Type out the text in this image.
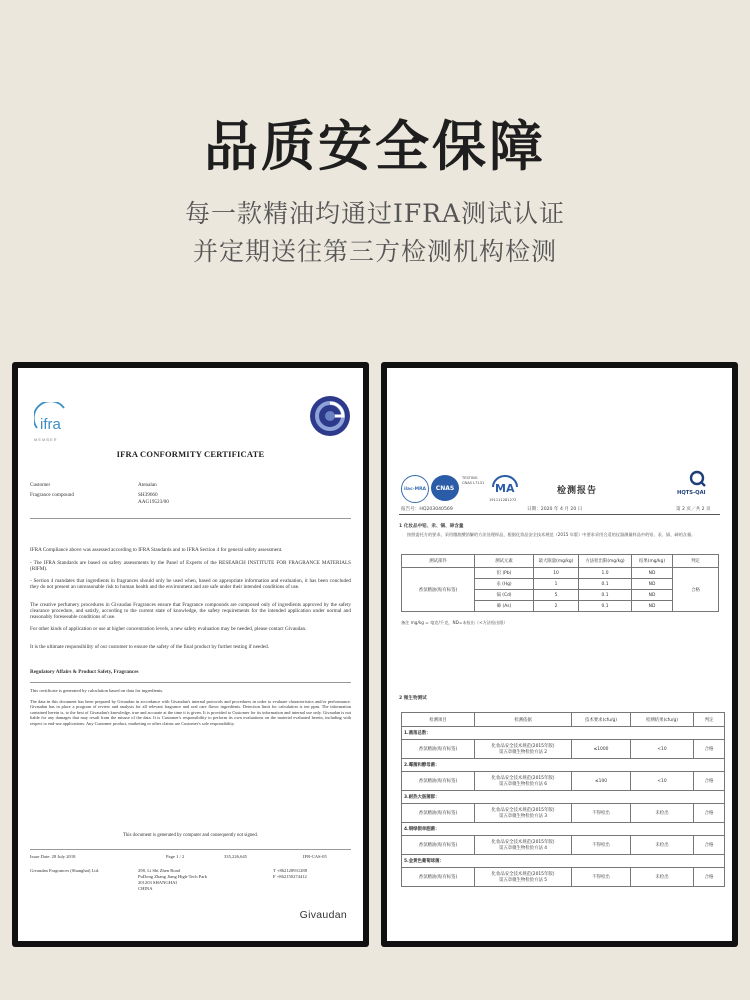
品质安全保障
每一款精油均通过IFRA测试认证
并定期送往第三方检测机构检测
ifra
MEMBER
IFRA CONFORMITY CERTIFICATE
Customer	Atenalan
Fragrance compound	SH39660
AAG19523/00
IFRA Compliance above was assessed according to IFRA Standards and to IFRA Section 4 for general safety assessment.
- The IFRA Standards are based on safety assessments by the Panel of Experts of the RESEARCH INSTITUTE FOR FRAGRANCE MATERIALS (RIFM).
- Section 4 mandates that ingredients in fragrances should only be used when, based on appropriate information and evaluation, it has been concluded they do not present an unreasonable risk to human health and the environment and are safe under their intended conditions of use.
The creative perfumery procedures in Givaudan Fragrances ensure that Fragrance compounds are composed only of ingredients approved by the safety clearance procedure, and satisfy, according to the current state of knowledge, the safety requirements for the intended application under normal and reasonably foreseeable conditions of use.
For other kinds of application or use at higher concentration levels, a new safety evaluation may be needed, please contact Givaudan.
It is the ultimate responsibility of our customer to ensure the safety of the final product by further testing if needed.
Regulatory Affairs & Product Safety, Fragrances
This certificate is generated by calculation based on data for ingredients.
The data in this document has been prepared by Givaudan in accordance with Givaudan's internal protocols and procedures in order to evaluate characteristics and/or performance. Givaudan has in place a program of review and analysis for all relevant fragrance and oral care flavor ingredients. Detection limit for calculation is ten ppm. The information contained herein is, to the best of Givaudan's knowledge, true and accurate at the time it is given. It is provided to Customer for its information and internal use only. Givaudan is not liable for any damages that may result from the misuse of the data. It is Customer's responsibility to perform its own evaluations on the material evaluated herein, including with respect to end-use applications. Any Customer product, marketing or other claims are Customer's sole responsibility.
This document is generated by computer and consequently not signed.
Issue Date: 28 July 2018	Page 1 / 2	335,226,645	IFR-CAS-05
Givaudan Fragrances (Shanghai) Ltd.	298, Li Shi Zhen Road
PuDong Zhang Jiang High-Tech Park
201203 SHANGHAI
CHINA
T +862128931288
F +862150274412
Givaudan
ilac-MRA	CNAS
TESTING CNAS L7131 MA
191111281272
检测报告	HQTS-QAI
报告号：HQ203040569	日期：2020 年 4 月 20 日	第 2 页／共 2 页
1 化妆品中铅、汞、镉、砷含量
按照委托方的要求，采用微波酸消解的方法处理样品，根据化妆品安全技术规范（2015 年版）中要求采用合适的仪器测量样品中的铅、汞、镉、砷的含量。
测试部件	测试元素	最大限量(mg/kg)	方法检出限(mg/kg)	结果(mg/kg)	判定
香氛精油(贴有标签)	铅 (Pb)	10	1.0	ND	合格
	汞 (Hg)	1	0.1	ND	
	镉 (Cd)	5	0.1	ND	
	砷 (As)	2	0.1	ND	
备注 mg/kg = 毫克/千克，ND=未检出（<方法检出限）
2 微生物测试
检测项目	检测依据	技术要求(cfu/g)	检测结果(cfu/g)	判定
1.菌落总数：				
香氛精油(贴有标签)	化妆品安全技术规范(2015年版)
第五章微生物检验方法 2	≤1000	<10	合格
2.霉菌和酵母菌：				
香氛精油(贴有标签)	化妆品安全技术规范(2015年版)
第五章微生物检验方法 6	≤100	<10	合格
3.耐热大肠菌群：				
香氛精油(贴有标签)	化妆品安全技术规范(2015年版)
第五章微生物检验方法 3	不得检出	未检出	合格
4.铜绿假单胞菌：				
香氛精油(贴有标签)	化妆品安全技术规范(2015年版)
第五章微生物检验方法 4	不得检出	未检出	合格
5.金黄色葡萄球菌：				
香氛精油(贴有标签)	化妆品安全技术规范(2015年版)
第五章微生物检验方法 5	不得检出	未检出	合格
